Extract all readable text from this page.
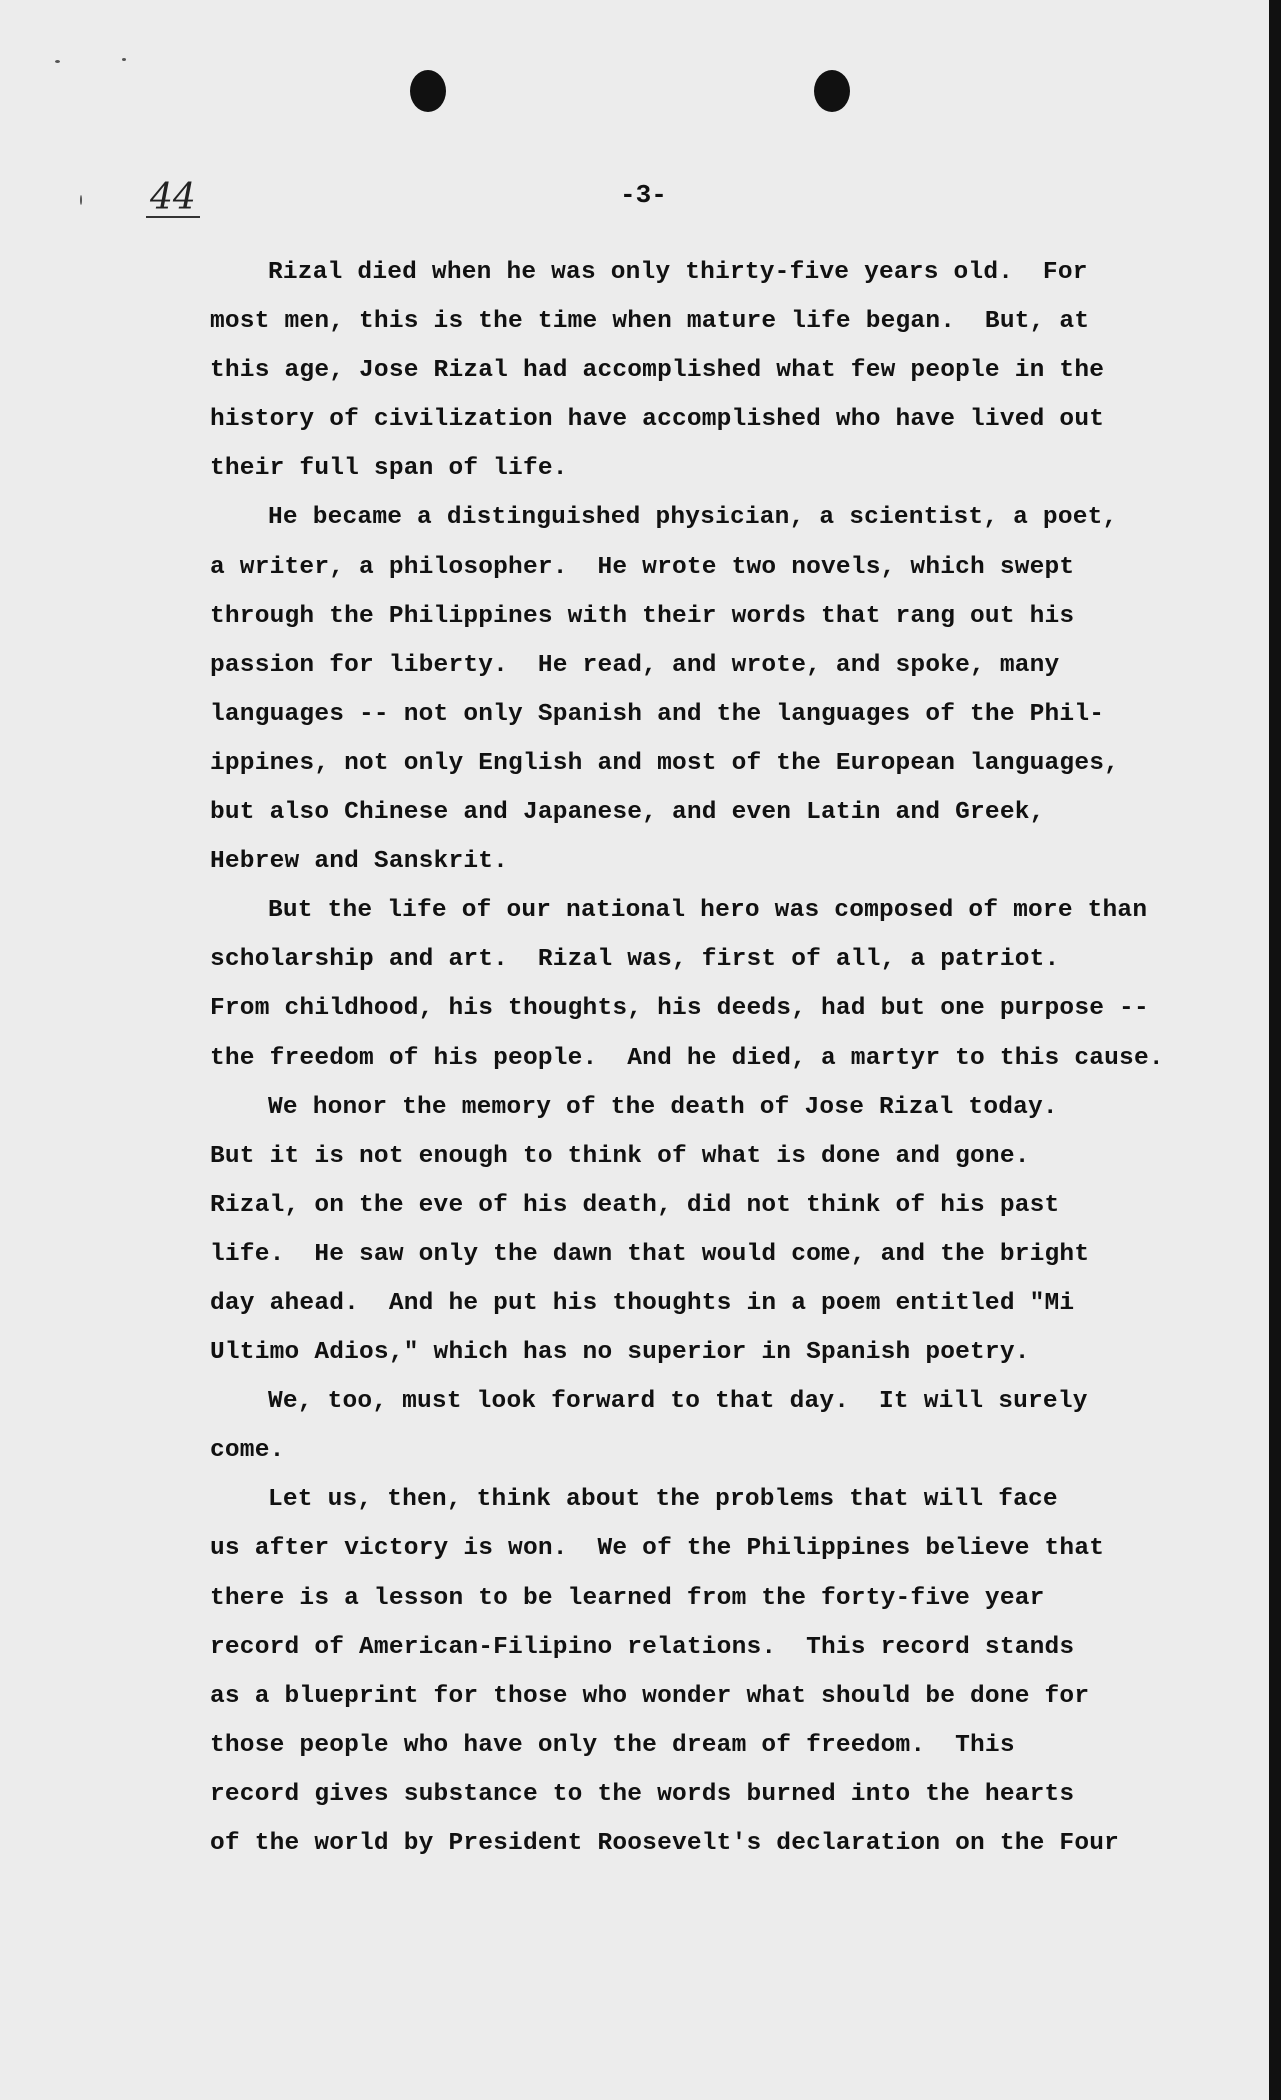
44	-3-
Rizal died when he was only thirty-five years old.  For
most men, this is the time when mature life began.  But, at
this age, Jose Rizal had accomplished what few people in the
history of civilization have accomplished who have lived out
their full span of life.
He became a distinguished physician, a scientist, a poet,
a writer, a philosopher.  He wrote two novels, which swept
through the Philippines with their words that rang out his
passion for liberty.  He read, and wrote, and spoke, many
languages -- not only Spanish and the languages of the Phil-
ippines, not only English and most of the European languages,
but also Chinese and Japanese, and even Latin and Greek,
Hebrew and Sanskrit.
But the life of our national hero was composed of more than
scholarship and art.  Rizal was, first of all, a patriot.
From childhood, his thoughts, his deeds, had but one purpose --
the freedom of his people.  And he died, a martyr to this cause.
We honor the memory of the death of Jose Rizal today.
But it is not enough to think of what is done and gone.
Rizal, on the eve of his death, did not think of his past
life.  He saw only the dawn that would come, and the bright
day ahead.  And he put his thoughts in a poem entitled "Mi
Ultimo Adios," which has no superior in Spanish poetry.
We, too, must look forward to that day.  It will surely
come.
Let us, then, think about the problems that will face
us after victory is won.  We of the Philippines believe that
there is a lesson to be learned from the forty-five year
record of American-Filipino relations.  This record stands
as a blueprint for those who wonder what should be done for
those people who have only the dream of freedom.  This
record gives substance to the words burned into the hearts
of the world by President Roosevelt's declaration on the Four
